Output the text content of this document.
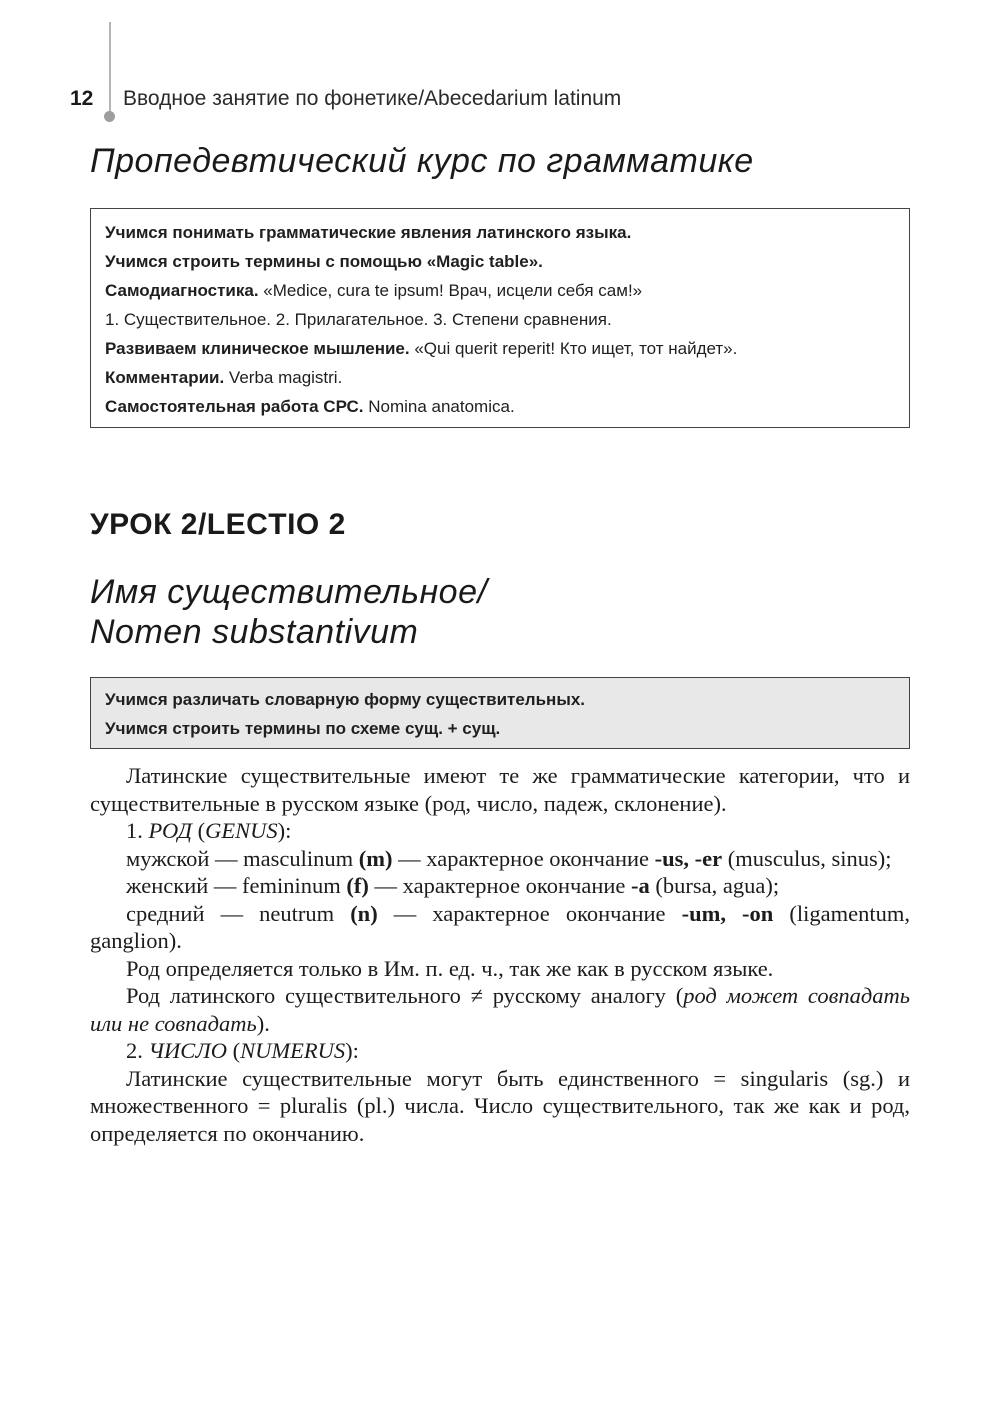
12 Вводное занятие по фонетике/Abecedarium latinum
Пропедевтический курс по грамматике
Учимся понимать грамматические явления латинского языка.
Учимся строить термины с помощью «Magic table».
Самодиагностика. «Medice, cura te ipsum! Врач, исцели себя сам!»
1. Существительное. 2. Прилагательное. 3. Степени сравнения.
Развиваем клиническое мышление. «Qui querit reperit! Кто ищет, тот найдет».
Комментарии. Verba magistri.
Самостоятельная работа СРС. Nomina anatomica.
УРОК 2/LECTIO 2
Имя существительное/
Nomen substantivum
Учимся различать словарную форму существительных.
Учимся строить термины по схеме сущ. + сущ.

Латинские существительные имеют те же грамматические категории, что и существительные в русском языке (род, число, падеж, склонение).

1. РОД (GENUS):

мужской — masculinum (m) — характерное окончание -us, -er (musculus, sinus);

женский — femininum (f) — характерное окончание -a (bursa, agua);

средний — neutrum (n) — характерное окончание -um, -on (ligamentum, ganglion).

Род определяется только в Им. п. ед. ч., так же как в русском языке.

Род латинского существительного ≠ русскому аналогу (род может совпадать или не совпадать).

2. ЧИСЛО (NUMERUS):

Латинские существительные могут быть единственного = singularis (sg.) и множественного = pluralis (pl.) числа. Число существительного, так же как и род, определяется по окончанию.
